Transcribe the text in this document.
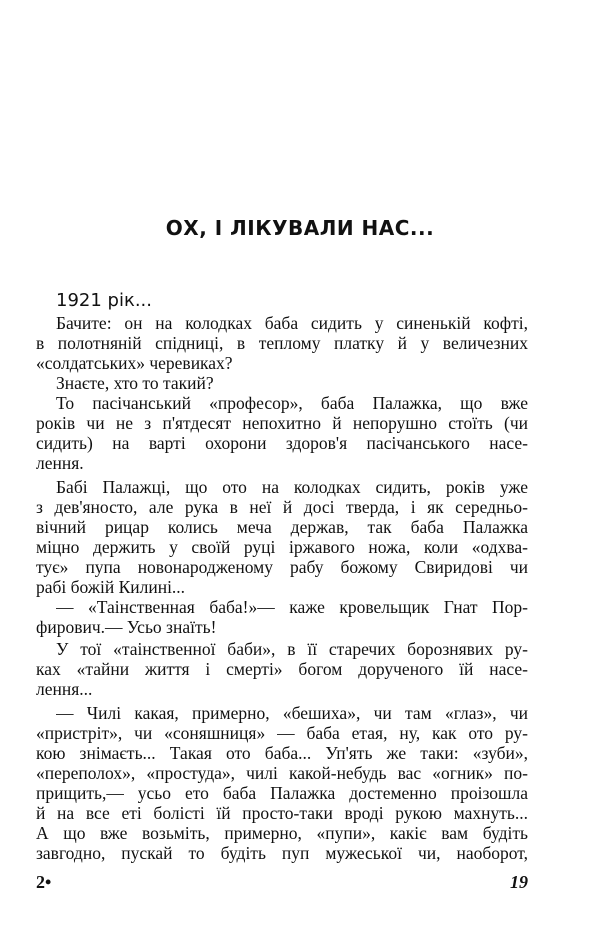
ОХ, І ЛІКУВАЛИ НАС...
1921 рік...
Бачите: он на колодках баба сидить у синенькій кофті,
в полотняній спідниці, в теплому платку й у величезних
«солдатських» черевиках?
Знаєте, хто то такий?
То пасічанський «професор», баба Палажка, що вже
років чи не з п'ятдесят непохитно й непорушно стоїть (чи
сидить) на варті охорони здоров'я пасічанського насе-
лення.
Бабі Палажці, що ото на колодках сидить, років уже
з дев'яносто, але рука в неї й досі тверда, і як середньо-
вічний рицар колись меча держав, так баба Палажка
міцно держить у своїй руці іржавого ножа, коли «одхва-
тує» пупа новонародженому рабу божому Свиридові чи
рабі божій Килині...
— «Таінственная баба!»— каже кровельщик Гнат Пор-
фирович.— Усьо знаїть!
У тої «таінственної баби», в її старечих борознявих ру-
ках «тайни життя і смерті» богом дорученого їй насе-
лення...
— Чилі какая, примерно, «бешиха», чи там «глаз», чи
«пристріт», чи «соняшниця» — баба етая, ну, как ото ру-
кою знімаєть... Такая ото баба... Уп'ять же таки: «зуби»,
«переполох», «простуда», чилі какой-небудь вас «огник» по-
прищить,— усьо ето баба Палажка достеменно проізошла
й на все еті болісті їй просто-таки вроді рукою махнуть...
А що вже возьміть, примерно, «пупи», какіє вам будіть
завгодно, пускай то будіть пуп мужеської чи, наоборот,
2•	19
